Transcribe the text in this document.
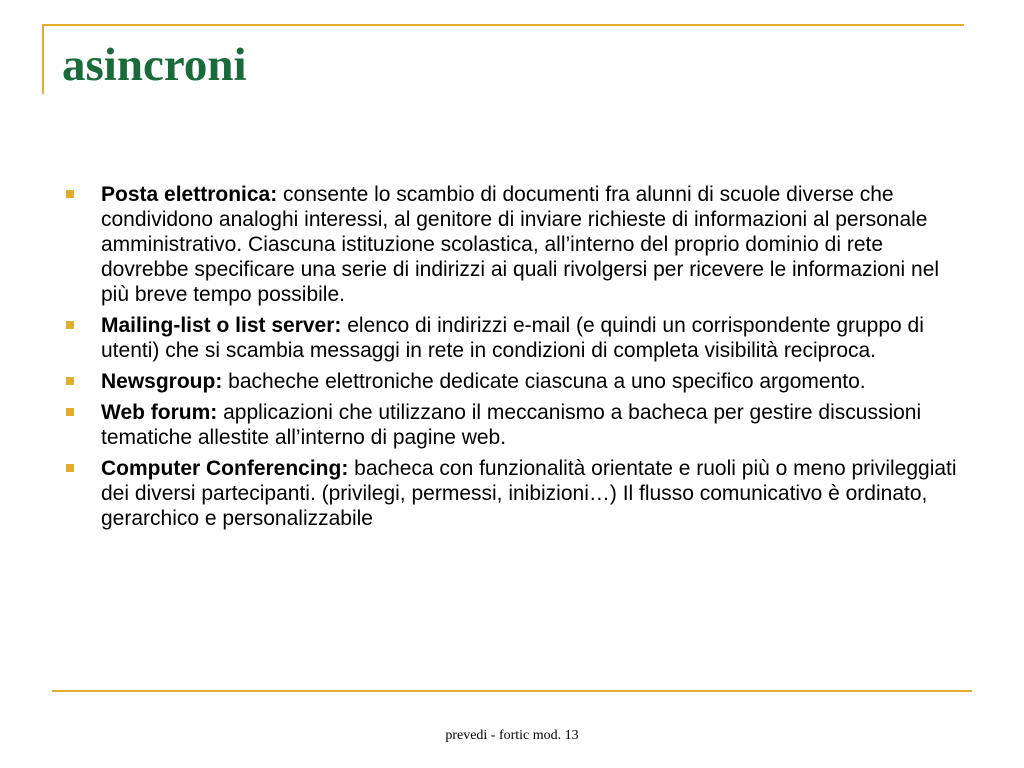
asincroni
Posta elettronica: consente lo scambio di documenti fra alunni di scuole diverse che condividono analoghi interessi, al genitore di inviare richieste di informazioni al personale amministrativo. Ciascuna istituzione scolastica, all’interno del proprio dominio di rete dovrebbe specificare una serie di indirizzi ai quali rivolgersi per ricevere le informazioni nel più breve tempo possibile.
Mailing-list o list server: elenco di indirizzi e-mail (e quindi un corrispondente gruppo di utenti) che si scambia messaggi in rete in condizioni di completa visibilità reciproca.
Newsgroup: bacheche elettroniche dedicate ciascuna a uno specifico argomento.
Web forum: applicazioni che utilizzano il meccanismo a bacheca per gestire discussioni tematiche allestite all’interno di pagine web.
Computer Conferencing: bacheca con funzionalità orientate e ruoli più o meno privileggiati dei diversi partecipanti. (privilegi, permessi, inibizioni…) Il flusso comunicativo è ordinato, gerarchico e personalizzabile
prevedi - fortic mod. 13
